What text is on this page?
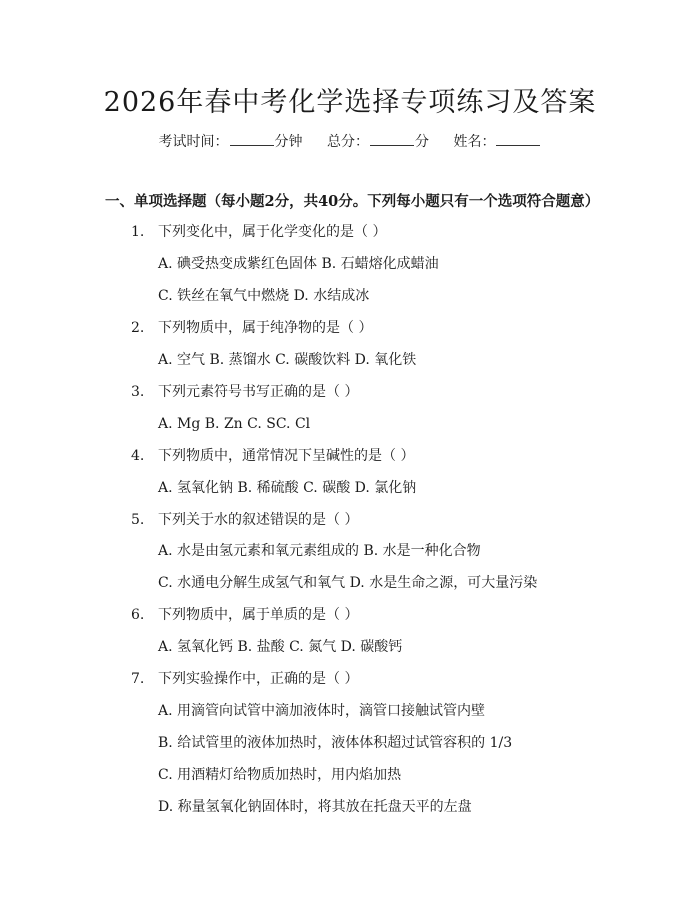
2026年春中考化学选择专项练习及答案
考试时间：	分钟 总分：	分 姓名：
一、单项选择题（每小题2分，共40分。下列每小题只有一个选项符合题意）
1. 下列变化中，属于化学变化的是（ ）
A. 碘受热变成紫红色固体 B. 石蜡熔化成蜡油
C. 铁丝在氧气中燃烧 D. 水结成冰
2. 下列物质中，属于纯净物的是（ ）
A. 空气 B. 蒸馏水 C. 碳酸饮料 D. 氧化铁
3. 下列元素符号书写正确的是（ ）
A. Mg B. Zn C. SC. Cl
4. 下列物质中，通常情况下呈碱性的是（ ）
A. 氢氧化钠 B. 稀硫酸 C. 碳酸 D. 氯化钠
5. 下列关于水的叙述错误的是（ ）
A. 水是由氢元素和氧元素组成的 B. 水是一种化合物
C. 水通电分解生成氢气和氧气 D. 水是生命之源，可大量污染
6. 下列物质中，属于单质的是（ ）
A. 氢氧化钙 B. 盐酸 C. 氮气 D. 碳酸钙
7. 下列实验操作中，正确的是（ ）
A. 用滴管向试管中滴加液体时，滴管口接触试管内壁
B. 给试管里的液体加热时，液体体积超过试管容积的 1/3
C. 用酒精灯给物质加热时，用内焰加热
D. 称量氢氧化钠固体时，将其放在托盘天平的左盘
